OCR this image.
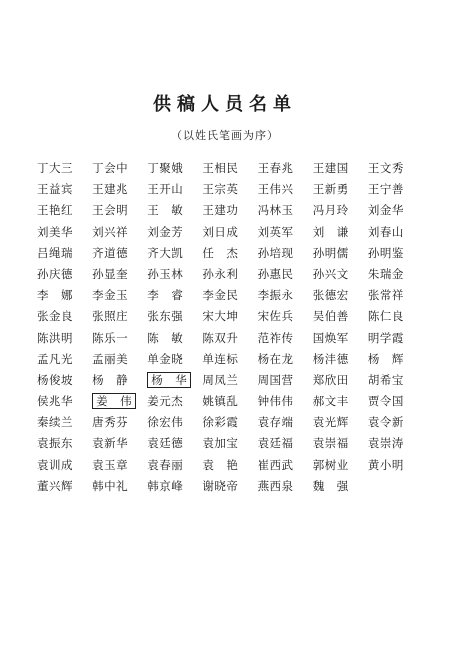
供稿人员名单
（以姓氏笔画为序）
丁大三	丁会中	丁聚娥	王相民	王春兆	王建国	王文秀
王益宾	王建兆	王开山	王宗英	王伟兴	王新勇	王宁善
王艳红	王会明	王　敏	王建功	冯林玉	冯月玲	刘金华
刘美华	刘兴祥	刘金芳	刘日成	刘英军	刘　谦	刘春山
吕绳瑞	齐道德	齐大凯	任　杰	孙培现	孙明儒	孙明鉴
孙庆德	孙显奎	孙玉林	孙永利	孙惠民	孙兴文	朱瑞金
李　娜	李金玉	李　睿	李金民	李振永	张德宏	张常祥
张金良	张照庄	张东强	宋大坤	宋佐兵	吴伯善	陈仁良
陈洪明	陈乐一	陈　敏	陈双升	范祚传	国焕军	明学霞
孟凡光	孟丽美	单金晓	单连标	杨在龙	杨沣德	杨　辉
杨俊坡	杨　静	杨　华	周凤兰	周国营	郑欣田	胡希宝
侯兆华	姜　伟	姜元杰	姚镇乱	钟伟伟	郝文丰	贾令国
秦续兰	唐秀芬	徐宏伟	徐彩霞	袁存端	袁光辉	袁令新
袁振东	袁新华	袁廷德	袁加宝	袁廷福	袁崇福	袁崇涛
袁训成	袁玉章	袁春丽	袁　艳	崔西武	郭树业	黄小明
董兴辉	韩中礼	韩京峰	谢晓帝	燕西泉	魏　强
